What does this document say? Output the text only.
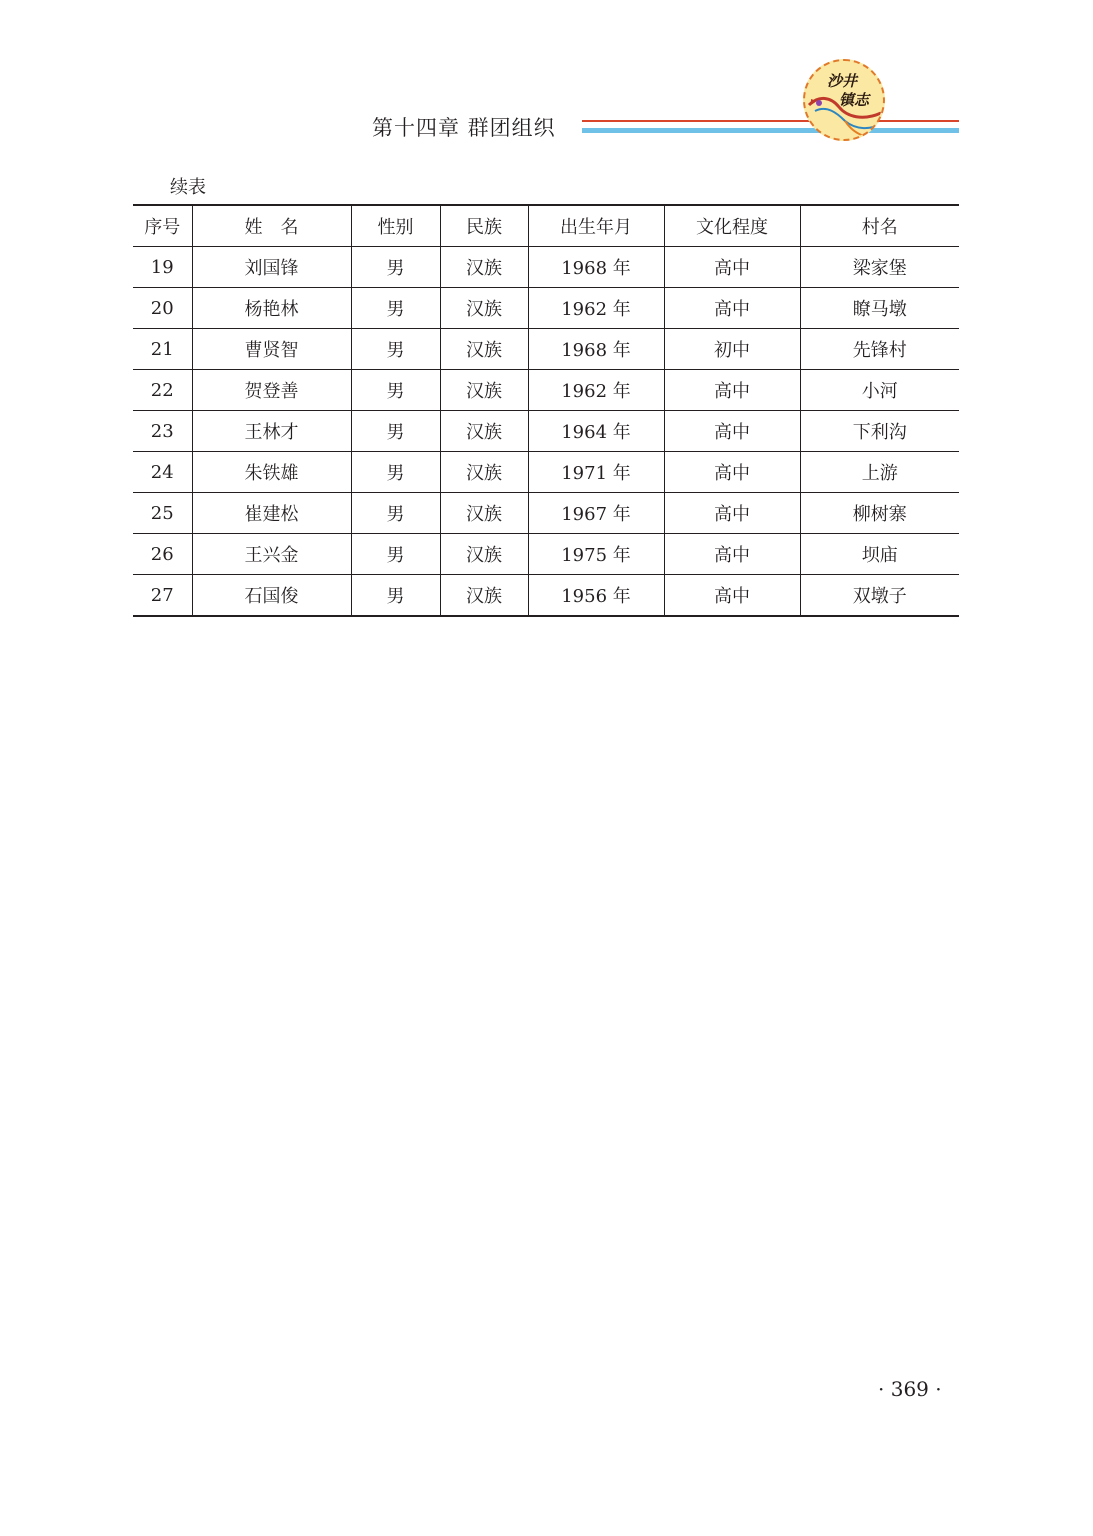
第十四章 群团组织
沙井
镇志
续表
序号	姓　名	性别	民族	出生年月	文化程度	村名
19	刘国锋	男	汉族	1968 年	高中	梁家堡
20	杨艳林	男	汉族	1962 年	高中	瞭马墩
21	曹贤智	男	汉族	1968 年	初中	先锋村
22	贺登善	男	汉族	1962 年	高中	小河
23	王林才	男	汉族	1964 年	高中	下利沟
24	朱铁雄	男	汉族	1971 年	高中	上游
25	崔建松	男	汉族	1967 年	高中	柳树寨
26	王兴金	男	汉族	1975 年	高中	坝庙
27	石国俊	男	汉族	1956 年	高中	双墩子
· 369 ·
